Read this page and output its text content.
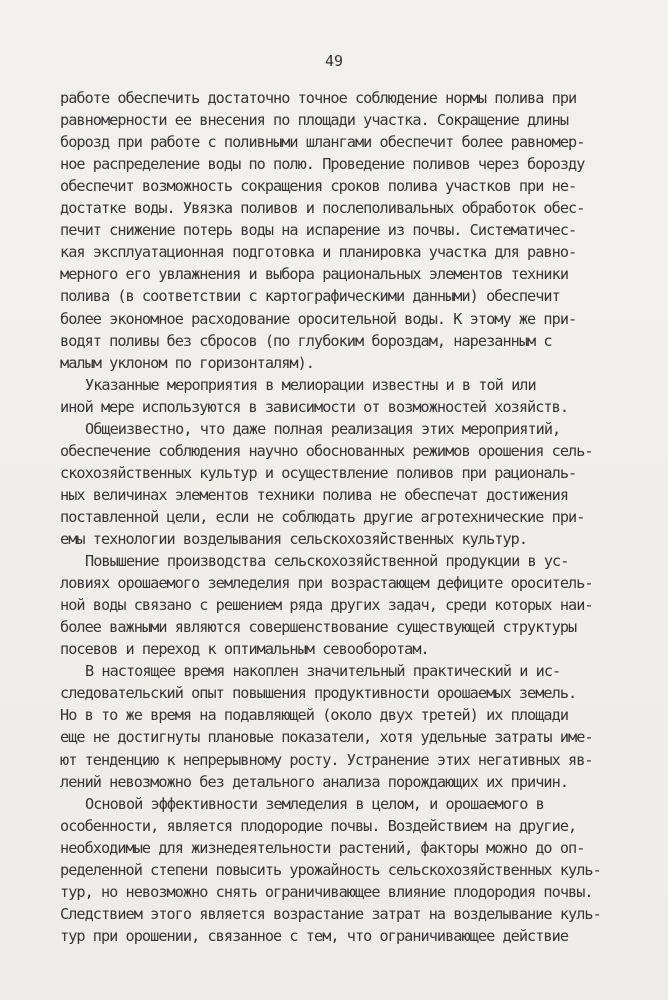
49
работе обеспечить достаточно точное соблюдение нормы полива при
равномерности ее внесения по площади участка. Сокращение длины
борозд при работе с поливными шлангами обеспечит более равномер-
ное распределение воды по полю. Проведение поливов через борозду
обеспечит возможность сокращения сроков полива участков при не-
достатке воды. Увязка поливов и послеполивальных обработок обес-
печит снижение потерь воды на испарение из почвы. Систематичес-
кая эксплуатационная подготовка и планировка участка для равно-
мерного его увлажнения и выбора рациональных элементов техники
полива (в соответствии с картографическими данными) обеспечит
более экономное расходование оросительной воды. К этому же при-
водят поливы без сбросов (по глубоким бороздам, нарезанным с
малым уклоном по горизонталям).
Указанные мероприятия в мелиорации известны и в той или
иной мере используются в зависимости от возможностей хозяйств.
Общеизвестно, что даже полная реализация этих мероприятий,
обеспечение соблюдения научно обоснованных режимов орошения сель-
скохозяйственных культур и осуществление поливов при рациональ-
ных величинах элементов техники полива не обеспечат достижения
поставленной цели, если не соблюдать другие агротехнические при-
емы технологии возделывания сельскохозяйственных культур.
Повышение производства сельскохозяйственной продукции в ус-
ловиях орошаемого земледелия при возрастающем дефиците ороситель-
ной воды связано с решением ряда других задач, среди которых наи-
более важными являются совершенствование существующей структуры
посевов и переход к оптимальным севооборотам.
В настоящее время накоплен значительный практический и ис-
следовательский опыт повышения продуктивности орошаемых земель.
Но в то же время на подавляющей (около двух третей) их площади
еще не достигнуты плановые показатели, хотя удельные затраты име-
ют тенденцию к непрерывному росту. Устранение этих негативных яв-
лений невозможно без детального анализа порождающих их причин.
Основой эффективности земледелия в целом, и орошаемого в
особенности, является плодородие почвы. Воздействием на другие,
необходимые для жизнедеятельности растений, факторы можно до оп-
ределенной степени повысить урожайность сельскохозяйственных куль-
тур, но невозможно снять ограничивающее влияние плодородия почвы.
Следствием этого является возрастание затрат на возделывание куль-
тур при орошении, связанное с тем, что ограничивающее действие
